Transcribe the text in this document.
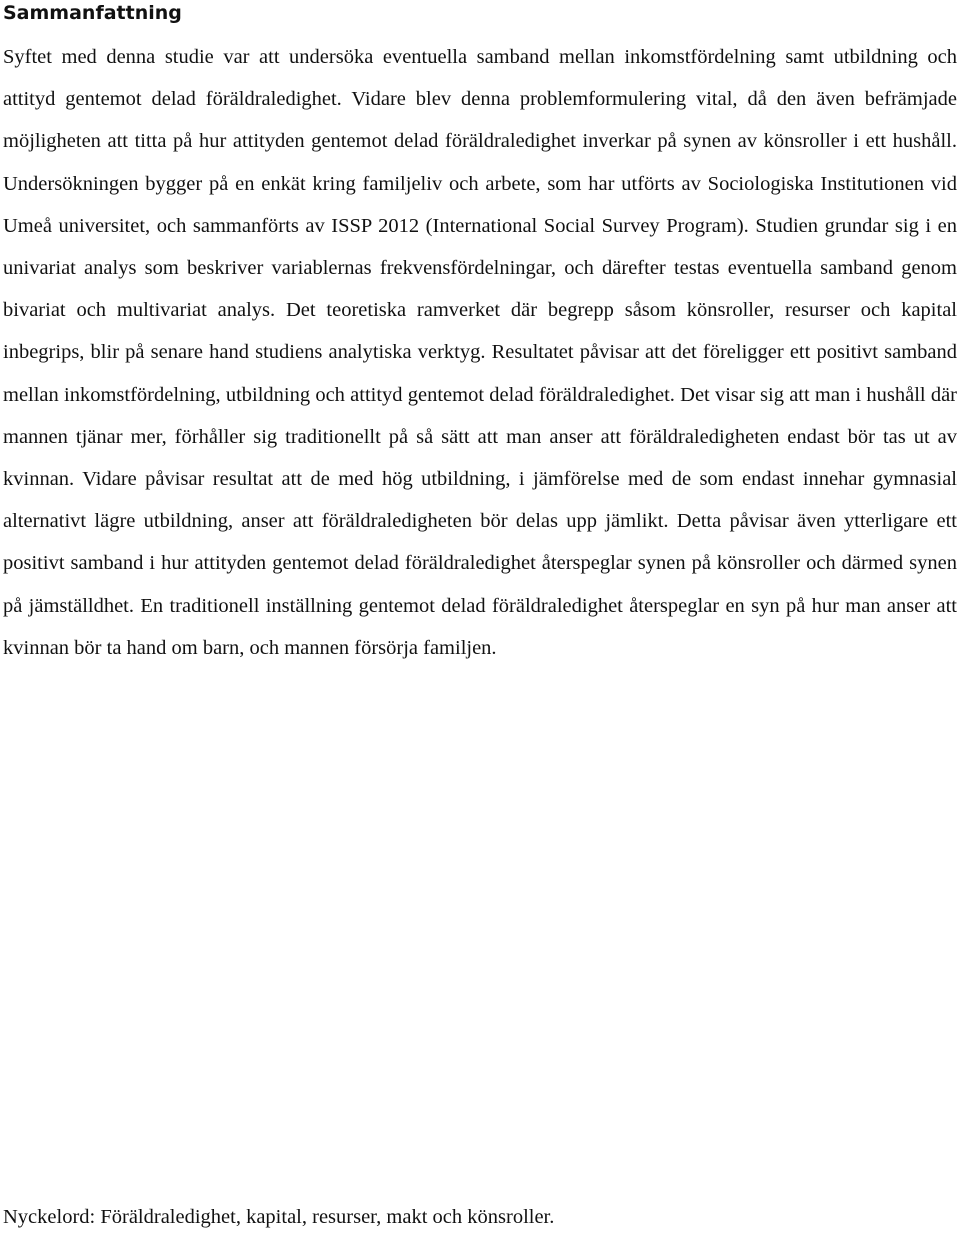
Sammanfattning

Syftet med denna studie var att undersöka eventuella samband mellan inkomstfördelning samt utbildning och attityd gentemot delad föräldraledighet. Vidare blev denna problemformulering vital, då den även befrämjade möjligheten att titta på hur attityden gentemot delad föräldraledighet inverkar på synen av könsroller i ett hushåll. Undersökningen bygger på en enkät kring familjeliv och arbete, som har utförts av Sociologiska Institutionen vid Umeå universitet, och sammanförts av ISSP 2012 (International Social Survey Program). Studien grundar sig i en univariat analys som beskriver variablernas frekvensfördelningar, och därefter testas eventuella samband genom bivariat och multivariat analys. Det teoretiska ramverket där begrepp såsom könsroller, resurser och kapital inbegrips, blir på senare hand studiens analytiska verktyg. Resultatet påvisar att det föreligger ett positivt samband mellan inkomstfördelning, utbildning och attityd gentemot delad föräldraledighet. Det visar sig att man i hushåll där mannen tjänar mer, förhåller sig traditionellt på så sätt att man anser att föräldraledigheten endast bör tas ut av kvinnan. Vidare påvisar resultat att de med hög utbildning, i jämförelse med de som endast innehar gymnasial alternativt lägre utbildning, anser att föräldraledigheten bör delas upp jämlikt. Detta påvisar även ytterligare ett positivt samband i hur attityden gentemot delad föräldraledighet återspeglar synen på könsroller och därmed synen på jämställdhet. En traditionell inställning gentemot delad föräldraledighet återspeglar en syn på hur man anser att kvinnan bör ta hand om barn, och mannen försörja familjen.

Nyckelord: Föräldraledighet, kapital, resurser, makt och könsroller.
